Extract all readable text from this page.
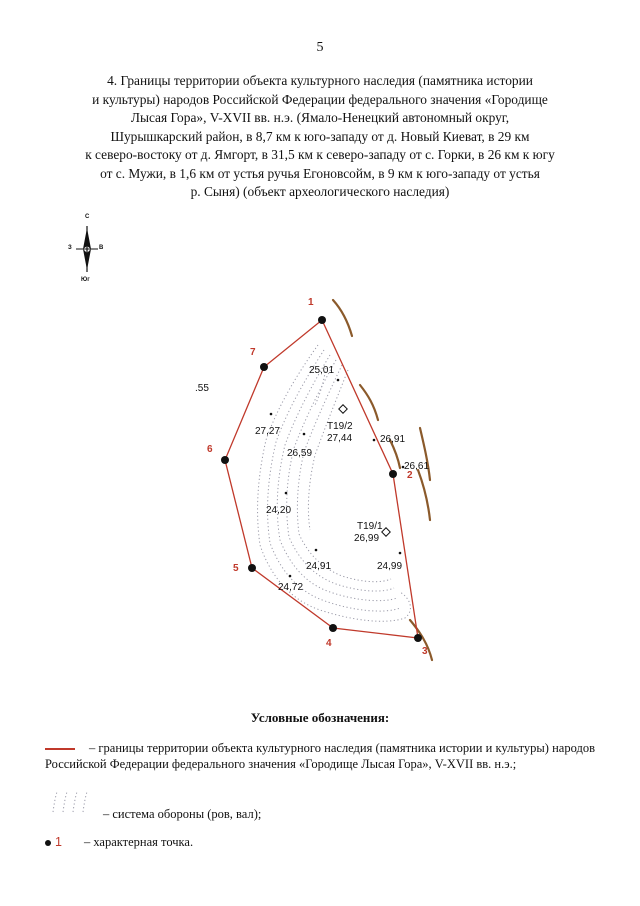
5
4. Границы территории объекта культурного наследия (памятника истории
и культуры) народов Российской Федерации федерального значения «Городище
Лысая Гора», V-XVII вв. н.э. (Ямало-Ненецкий автономный округ,
Шурышкарский район, в 8,7 км к юго-западу от д. Новый Киеват, в 29 км
к северо-востоку от д. Ямгорт, в 31,5 км к северо-западу от с. Горки, в 26 км к югу
от с. Мужи, в 1,6 км от устья ручья Егоновсойм, в 9 км к юго-западу от устья
р. Сыня) (объект археологического наследия)
С
З	В
Юг
.55
1
2
3
4
5
6
7
25,01
27,27
27,44	26,91
26,59
26,61
24,20
26,99
24,91	24,99
24,72
Т19/2
Т19/1
Условные обозначения:
– границы территории объекта культурного наследия (памятника истории и культуры) народов Российской Федерации федерального значения «Городище Лысая Гора», V-XVII вв. н.э.;
– система обороны (ров, вал);
1 – характерная точка.
